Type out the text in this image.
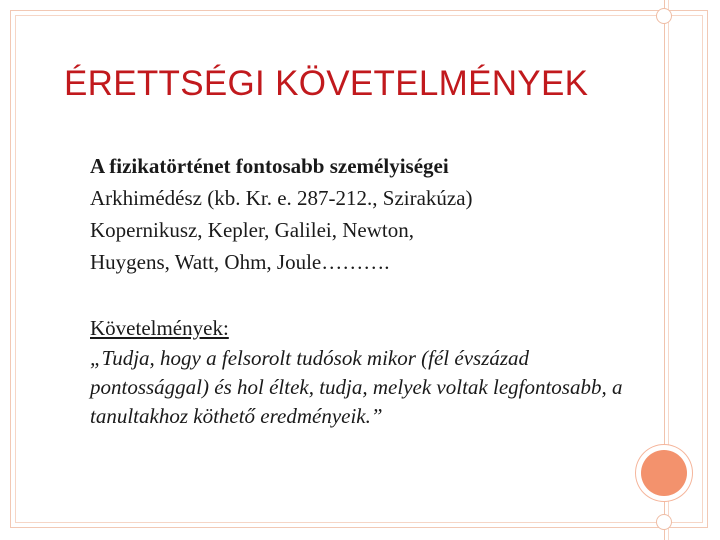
ÉRETTSÉGI KÖVETELMÉNYEK
A fizikatörténet fontosabb személyiségei
Arkhimédész (kb. Kr. e. 287-212., Szirakúza)
Kopernikusz, Kepler, Galilei, Newton,
Huygens, Watt, Ohm, Joule……….
Követelmények:
„Tudja, hogy a felsorolt tudósok mikor (fél évszázad pontossággal) és hol éltek, tudja, melyek voltak legfontosabb, a tanultakhoz köthető eredményeik.”
